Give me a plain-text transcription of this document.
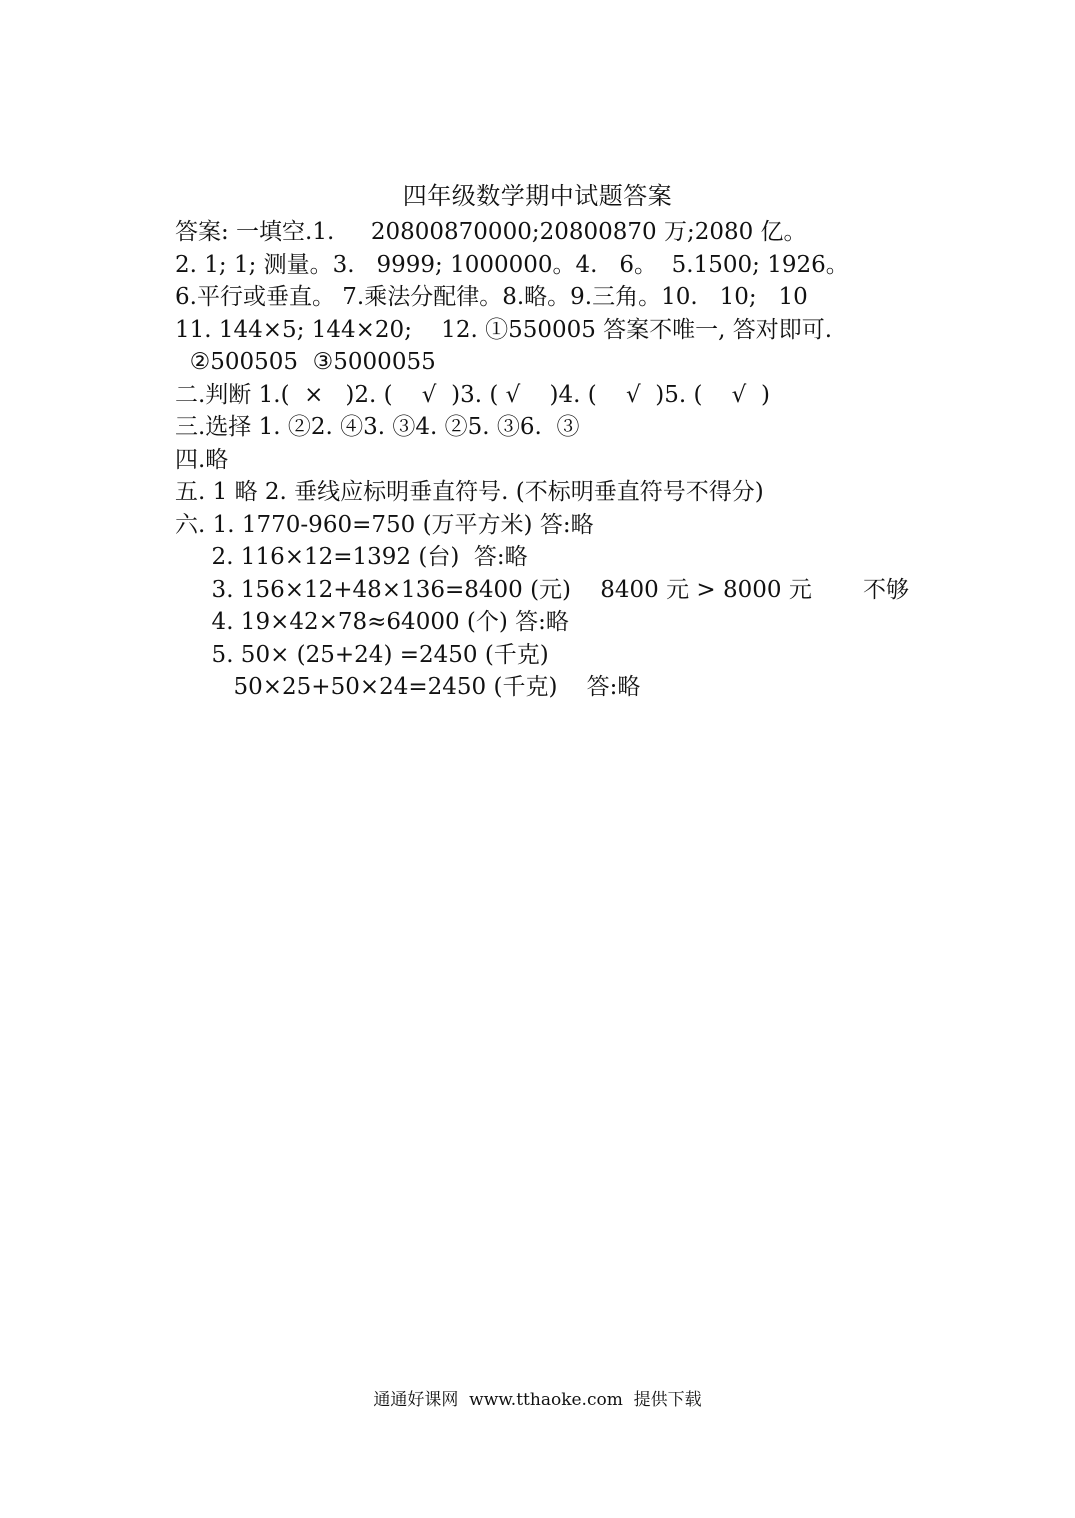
四年级数学期中试题答案
答案: 一填空.1.     20800870000;20800870 万;2080 亿。
2. 1; 1; 测量。3.   9999; 1000000。4.   6。  5.1500; 1926。
6.平行或垂直。 7.乘法分配律。8.略。9.三角。10.   10;   10
11. 144×5; 144×20;    12. ①550005 答案不唯一, 答对即可.
②500505  ③5000055
二.判断 1.(  ×   )2. (    √  )3. ( √    )4. (    √  )5. (    √  )
三.选择 1. ②2. ④3. ③4. ②5. ③6.  ③
四.略
五. 1 略 2. 垂线应标明垂直符号. (不标明垂直符号不得分)
六. 1. 1770-960=750 (万平方米) 答:略
2. 116×12=1392 (台)  答:略
3. 156×12+48×136=8400 (元)    8400 元 > 8000 元       不够
4. 19×42×78≈64000 (个) 答:略
5. 50× (25+24) =2450 (千克)
50×25+50×24=2450 (千克)    答:略
通通好课网  www.tthaoke.com  提供下载
